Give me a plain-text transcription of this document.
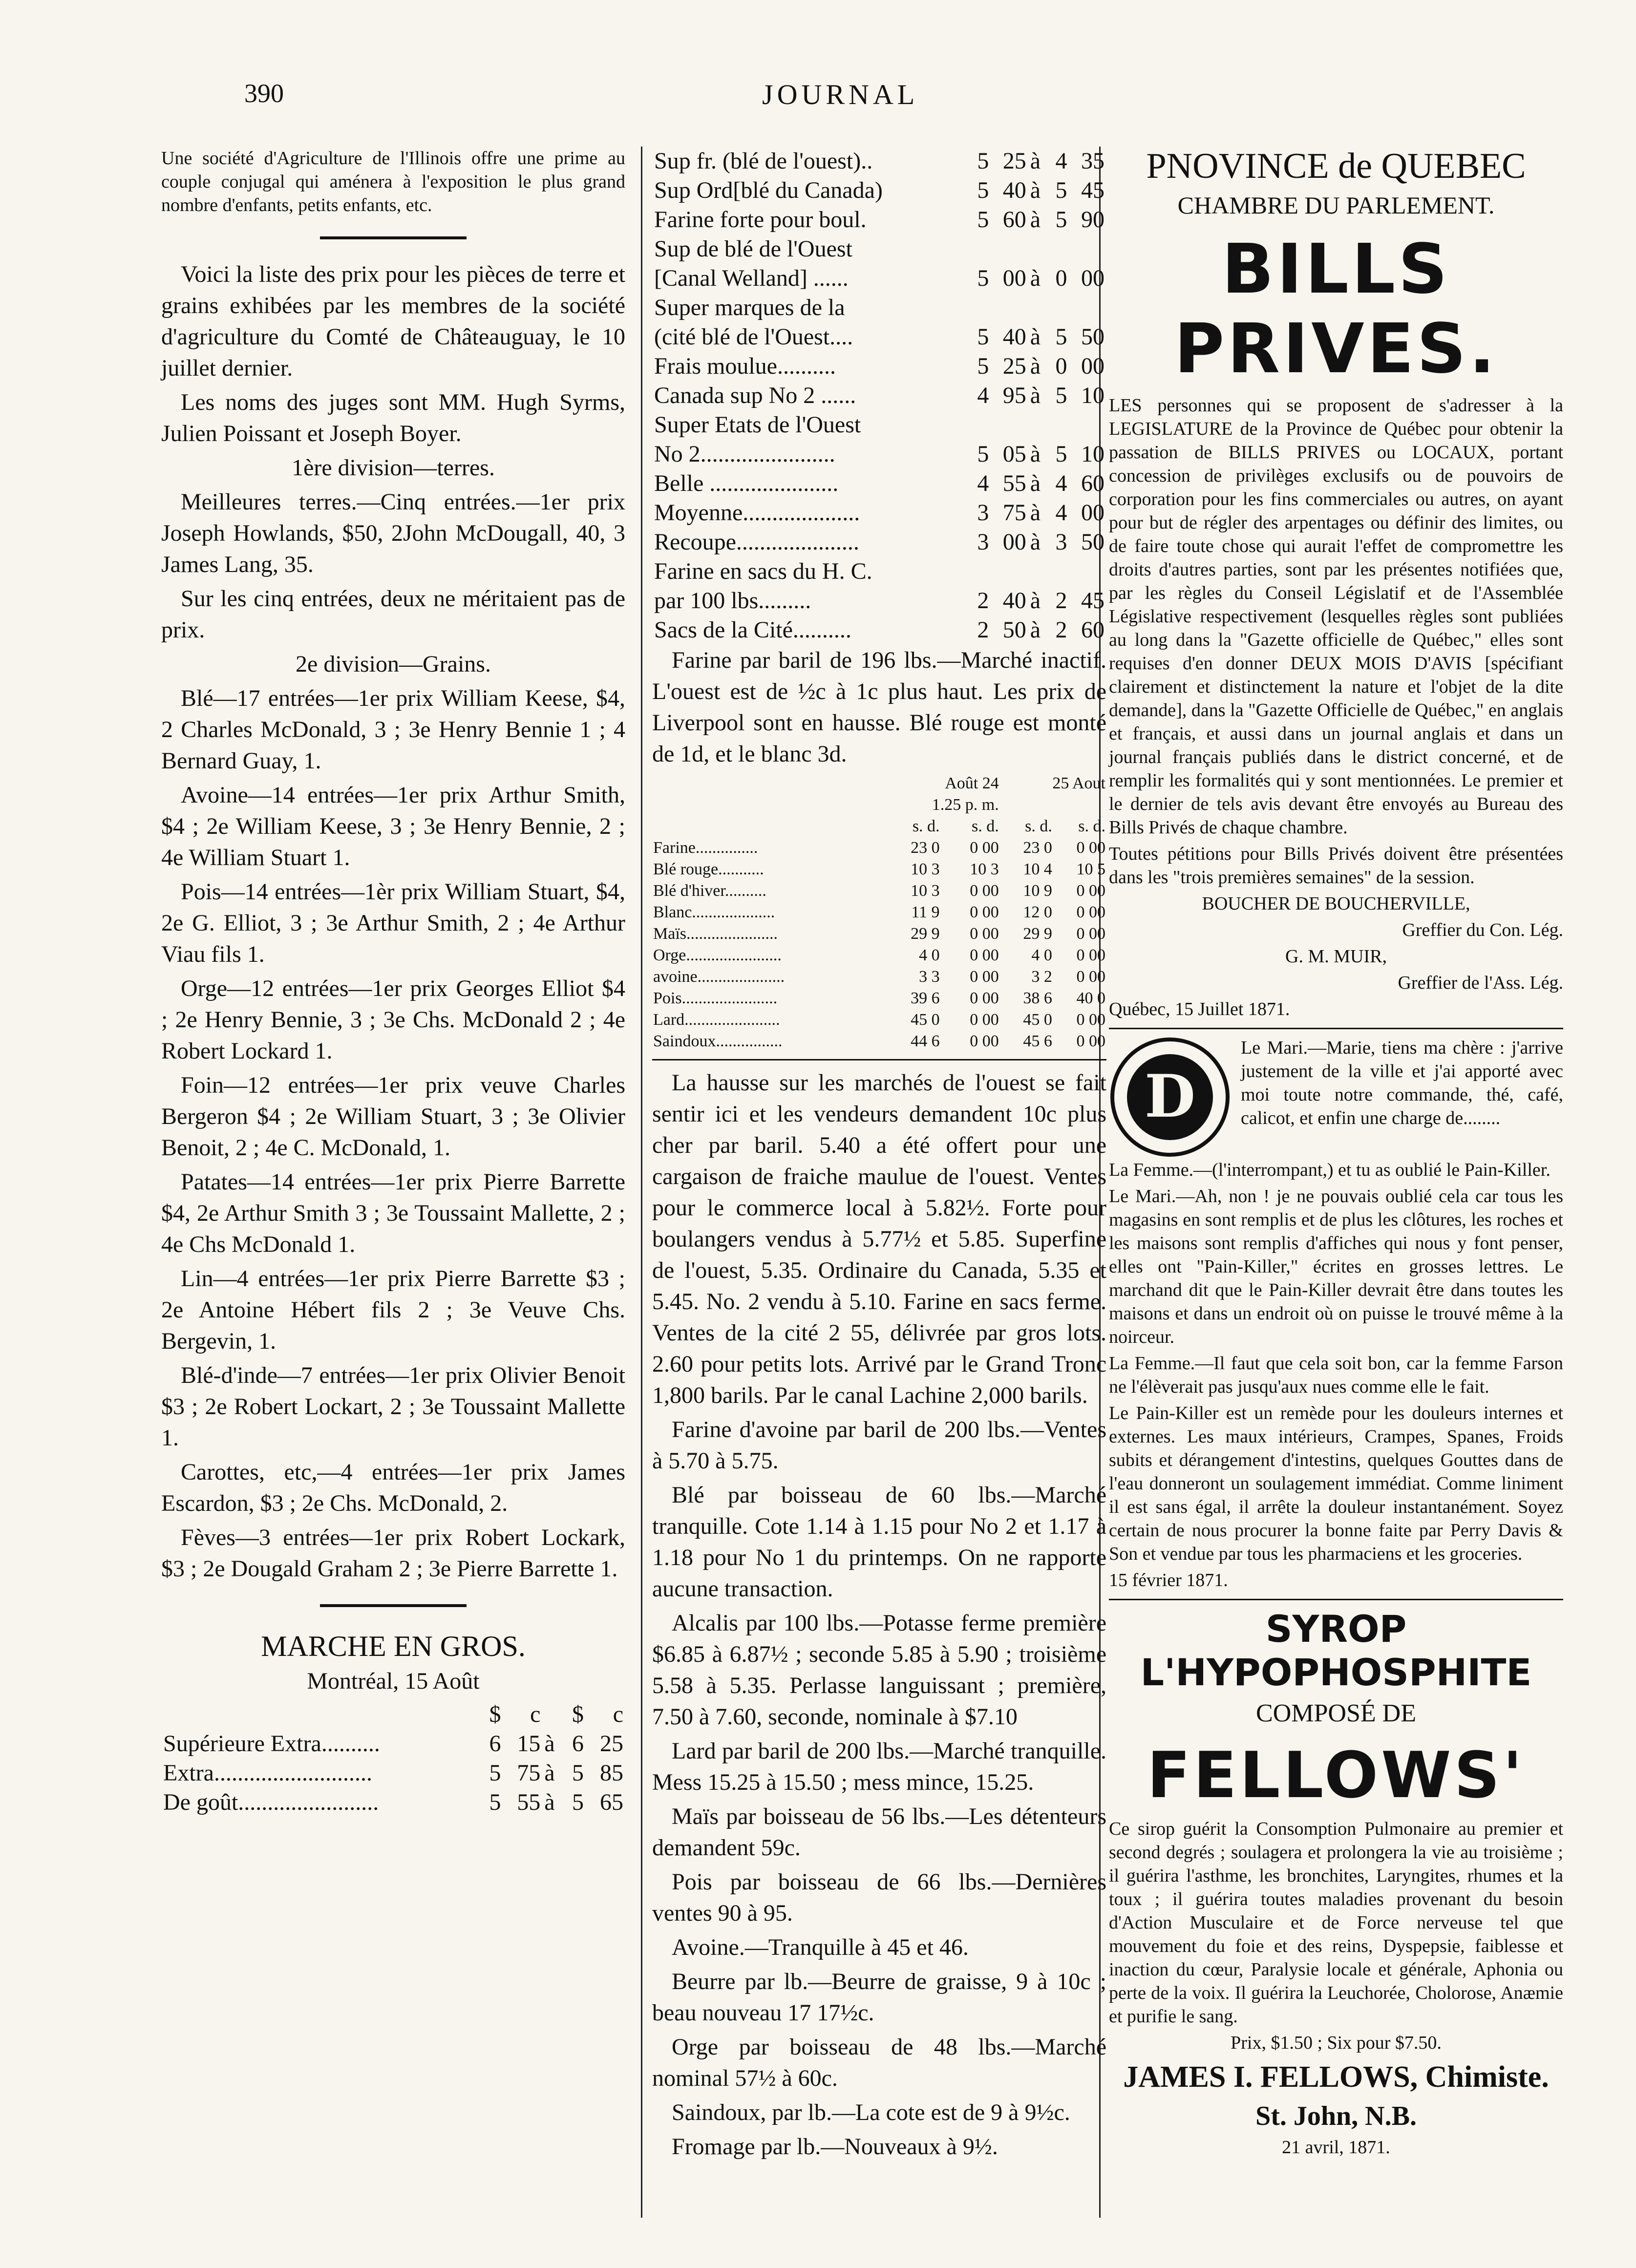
390	JOURNAL

Une société d'Agriculture de l'Illinois offre une prime au couple conjugal qui aménera à l'exposition le plus grand nombre d'enfants, petits enfants, etc.

Voici la liste des prix pour les pièces de terre et grains exhibées par les membres de la société d'agriculture du Comté de Châteauguay, le 10 juillet dernier.

Les noms des juges sont MM. Hugh Syrms, Julien Poissant et Joseph Boyer.

1ère division—terres.

Meilleures terres.—Cinq entrées.—1er prix Joseph Howlands, $50, 2John McDougall, 40, 3 James Lang, 35.

Sur les cinq entrées, deux ne méritaient pas de prix.

2e division—Grains.

Blé—17 entrées—1er prix William Keese, $4, 2 Charles McDonald, 3 ; 3e Henry Bennie 1 ; 4 Bernard Guay, 1.

Avoine—14 entrées—1er prix Arthur Smith, $4 ; 2e William Keese, 3 ; 3e Henry Bennie, 2 ; 4e William Stuart 1.

Pois—14 entrées—1èr prix William Stuart, $4, 2e G. Elliot, 3 ; 3e Arthur Smith, 2 ; 4e Arthur Viau fils 1.

Orge—12 entrées—1er prix Georges Elliot $4 ; 2e Henry Bennie, 3 ; 3e Chs. McDonald 2 ; 4e Robert Lockard 1.

Foin—12 entrées—1er prix veuve Charles Bergeron $4 ; 2e William Stuart, 3 ; 3e Olivier Benoit, 2 ; 4e C. McDonald, 1.

Patates—14 entrées—1er prix Pierre Barrette $4, 2e Arthur Smith 3 ; 3e Toussaint Mallette, 2 ; 4e Chs McDonald 1.

Lin—4 entrées—1er prix Pierre Barrette $3 ; 2e Antoine Hébert fils 2 ; 3e Veuve Chs. Bergevin, 1.

Blé-d'inde—7 entrées—1er prix Olivier Benoit $3 ; 2e Robert Lockart, 2 ; 3e Toussaint Mallette 1.

Carottes, etc,—4 entrées—1er prix James Escardon, $3 ; 2e Chs. McDonald, 2.

Fèves—3 entrées—1er prix Robert Lockark, $3 ; 2e Dougald Graham 2 ; 3e Pierre Barrette 1.

MARCHE EN GROS.
Montréal, 15 Août
	$	c		$	c
Supérieure Extra..........	6	15	à	6	25
Extra...........................	5	75	à	5	85
De goût........................	5	55	à	5	65
Sup fr. (blé de l'ouest)..	5	25	à	4	35
Sup Ord[blé du Canada)	5	40	à	5	45
Farine forte pour boul.	5	60	à	5	90
Sup de blé de l'Ouest					
[Canal Welland] ......	5	00	à	0	00
Super marques de la					
(cité blé de l'Ouest....	5	40	à	5	50
Frais moulue..........	5	25	à	0	00
Canada sup No 2 ......	4	95	à	5	10
Super Etats de l'Ouest					
No 2.......................	5	05	à	5	10
Belle ......................	4	55	à	4	60
Moyenne....................	3	75	à	4	00
Recoupe.....................	3	00	à	3	50
Farine en sacs du H. C.					
par 100 lbs.........	2	40	à	2	45
Sacs de la Cité..........	2	50	à	2	60

Farine par baril de 196 lbs.—Marché inactif. L'ouest est de ½c à 1c plus haut. Les prix de Liverpool sont en hausse. Blé rouge est monté de 1d, et le blanc 3d.

	Août 24		25 Aout	
	1.25 p. m.			
	s. d.	s. d.	s. d.	s. d.
Farine...............	23 0	0 00	23 0	0 00
Blé rouge...........	10 3	10 3	10 4	10 5
Blé d'hiver..........	10 3	0 00	10 9	0 00
Blanc....................	11 9	0 00	12 0	0 00
Maïs......................	29 9	0 00	29 9	0 00
Orge.......................	4 0	0 00	4 0	0 00
avoine.....................	3 3	0 00	3 2	0 00
Pois.......................	39 6	0 00	38 6	40 0
Lard.......................	45 0	0 00	45 0	0 00
Saindoux................	44 6	0 00	45 6	0 00

La hausse sur les marchés de l'ouest se fait sentir ici et les vendeurs demandent 10c plus cher par baril. 5.40 a été offert pour une cargaison de fraiche maulue de l'ouest. Ventes pour le commerce local à 5.82½. Forte pour boulangers vendus à 5.77½ et 5.85. Superfine de l'ouest, 5.35. Ordinaire du Canada, 5.35 et 5.45. No. 2 vendu à 5.10. Farine en sacs ferme. Ventes de la cité 2 55, délivrée par gros lots. 2.60 pour petits lots. Arrivé par le Grand Tronc 1,800 barils. Par le canal Lachine 2,000 barils.

Farine d'avoine par baril de 200 lbs.—Ventes à 5.70 à 5.75.

Blé par boisseau de 60 lbs.—Marché tranquille. Cote 1.14 à 1.15 pour No 2 et 1.17 à 1.18 pour No 1 du printemps. On ne rapporte aucune transaction.

Alcalis par 100 lbs.—Potasse ferme première $6.85 à 6.87½ ; seconde 5.85 à 5.90 ; troisième 5.58 à 5.35. Perlasse languissant ; première, 7.50 à 7.60, seconde, nominale à $7.10

Lard par baril de 200 lbs.—Marché tranquille. Mess 15.25 à 15.50 ; mess mince, 15.25.

Maïs par boisseau de 56 lbs.—Les détenteurs demandent 59c.

Pois par boisseau de 66 lbs.—Dernières ventes 90 à 95.

Avoine.—Tranquille à 45 et 46.

Beurre par lb.—Beurre de graisse, 9 à 10c ; beau nouveau 17 17½c.

Orge par boisseau de 48 lbs.—Marché nominal 57½ à 60c.

Saindoux, par lb.—La cote est de 9 à 9½c.

Fromage par lb.—Nouveaux à 9½.

PNOVINCE de QUEBEC
CHAMBRE DU PARLEMENT.
BILLS PRIVES.

LES personnes qui se proposent de s'adresser à la LEGISLATURE de la Province de Québec pour obtenir la passation de BILLS PRIVES ou LOCAUX, portant concession de privilèges exclusifs ou de pouvoirs de corporation pour les fins commerciales ou autres, on ayant pour but de régler des arpentages ou définir des limites, ou de faire toute chose qui aurait l'effet de compromettre les droits d'autres parties, sont par les présentes notifiées que, par les règles du Conseil Législatif et de l'Assemblée Législative respectivement (lesquelles règles sont publiées au long dans la "Gazette officielle de Québec," elles sont requises d'en donner DEUX MOIS D'AVIS [spécifiant clairement et distinctement la nature et l'objet de la dite demande], dans la "Gazette Officielle de Québec," en anglais et français, et aussi dans un journal anglais et dans un journal français publiés dans le district concerné, et de remplir les formalités qui y sont mentionnées. Le premier et le dernier de tels avis devant être envoyés au Bureau des Bills Privés de chaque chambre.

Toutes pétitions pour Bills Privés doivent être présentées dans les "trois premières semaines" de la session.

BOUCHER DE BOUCHERVILLE,

Greffier du Con. Lég.

G. M. MUIR,

Greffier de l'Ass. Lég.

Québec, 15 Juillet 1871.

D

Le Mari.—Marie, tiens ma chère : j'arrive justement de la ville et j'ai apporté avec moi toute notre commande, thé, café, calicot, et enfin une charge de........

La Femme.—(l'interrompant,) et tu as oublié le Pain-Killer.

Le Mari.—Ah, non ! je ne pouvais oublié cela car tous les magasins en sont remplis et de plus les clôtures, les roches et les maisons sont remplis d'affiches qui nous y font penser, elles ont "Pain-Killer," écrites en grosses lettres. Le marchand dit que le Pain-Killer devrait être dans toutes les maisons et dans un endroit où on puisse le trouvé même à la noirceur.

La Femme.—Il faut que cela soit bon, car la femme Farson ne l'élèverait pas jusqu'aux nues comme elle le fait.

Le Pain-Killer est un remède pour les douleurs internes et externes. Les maux intérieurs, Crampes, Spanes, Froids subits et dérangement d'intestins, quelques Gouttes dans de l'eau donneront un soulagement immédiat. Comme liniment il est sans égal, il arrête la douleur instantanément. Soyez certain de nous procurer la bonne faite par Perry Davis & Son et vendue par tous les pharmaciens et les groceries.

15 février 1871.

SYROP L'HYPOPHOSPHITE
COMPOSÉ DE
FELLOWS'

Ce sirop guérit la Consomption Pulmonaire au premier et second degrés ; soulagera et prolongera la vie au troisième ; il guérira l'asthme, les bronchites, Laryngites, rhumes et la toux ; il guérira toutes maladies provenant du besoin d'Action Musculaire et de Force nerveuse tel que mouvement du foie et des reins, Dyspepsie, faiblesse et inaction du cœur, Paralysie locale et générale, Aphonia ou perte de la voix. Il guérira la Leuchorée, Cholorose, Anæmie et purifie le sang.

Prix, $1.50 ; Six pour $7.50.

JAMES I. FELLOWS, Chimiste.
St. John, N.B.

21 avril, 1871.
